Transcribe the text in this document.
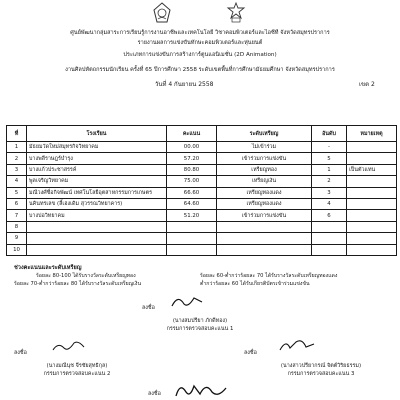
ศูนย์พัฒนากลุ่มสาระการเรียนรู้การงานอาชีพและเทคโนโลยี วิชาคอมพิวเตอร์และไอซีที จังหวัดสมุทรปราการ
รายงานผลการแข่งขันทักษะคอมพิวเตอร์และหุ่นยนต์
ประเภทการแข่งขันการสร้างการ์ตูนแอนิเมชั่น (2D Animation)
งานศิลปหัตถกรรมนักเรียน ครั้งที่ 65 ปีการศึกษา 2558 ระดับเขตพื้นที่การศึกษามัธยมศึกษา จังหวัดสมุทรปราการ
วันที่ 4 กันยายน 2558	เขต 2
ที่	โรงเรียน	คะแนน	ระดับเหรียญ	อันดับ	หมายเหตุ
1	มัธยมวัดใหม่สมุทรกิจวิทยาคม	00.00	ไม่เข้าร่วม	-	
2	บางพลีราษฎร์บำรุง	57.20	เข้าร่วมการแข่งขัน	5	
3	บางแก้วประชาสรรค์	80.80	เหรียญทอง	1	เป็นตัวแทน
4	พูลเจริญวิทยาคม	75.00	เหรียญเงิน	2	
5	มณีวงศ์ซื่อกิจพัฒน์ เทศโนโลยีอุตสาหกรรมการเกษตร	66.60	เหรียญทองแดง	3	
6	นคินทรเลข (ลี้เฮงเดิม สุวรรณวิทยาคาร)	64.60	เหรียญทองแดง	4	
7	บางบ่อวิทยาคม	51.20	เข้าร่วมการแข่งขัน	6	
8					
9					
10					
ช่วงคะแนนและระดับเหรียญ
ร้อยละ 80-100 ได้รับรางวัลระดับเหรียญทอง	ร้อยละ 60-ต่ำกว่าร้อยละ 70 ได้รับรางวัลระดับเหรียญทองแดง
ร้อยละ 70-ต่ำกว่าร้อยละ 80 ได้รับรางวัลระดับเหรียญเงิน	ต่ำกว่าร้อยละ 60 ได้รับเกียรติบัตรเข้าร่วมแข่งขัน
ลงชื่อ
(นางสมปรียา ภักดีทอง)
กรรมการตรวจสอบคะแนน 1
ลงชื่อ
(นางมณีนุช จีรชัยสุทธิกุล)
กรรมการตรวจสอบคะแนน 2
ลงชื่อ
(นางสาวปรียากรณ์ จิตต์วิริยธรรม)
กรรมการตรวจสอบคะแนน 3
ลงชื่อ
